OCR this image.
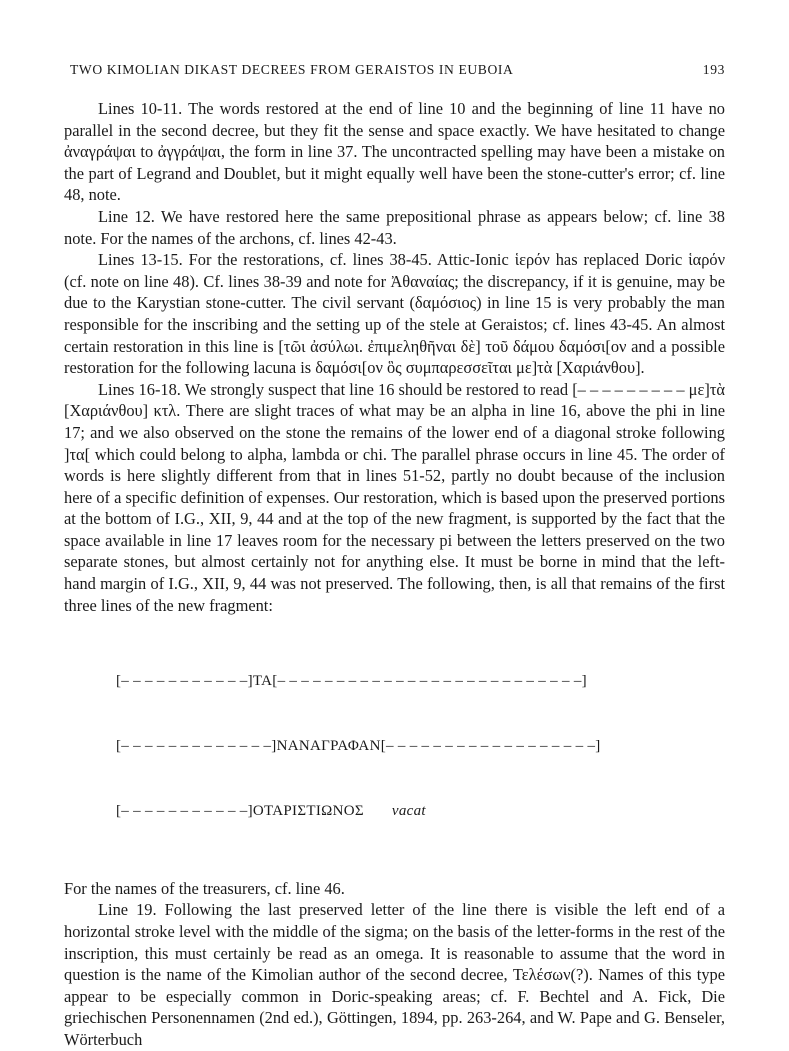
TWO KIMOLIAN DIKAST DECREES FROM GERAISTOS IN EUBOIA	193

Lines 10-11. The words restored at the end of line 10 and the beginning of line 11 have no parallel in the second decree, but they fit the sense and space exactly. We have hesitated to change ἀναγράψαι to ἀγγράψαι, the form in line 37. The uncontracted spelling may have been a mistake on the part of Legrand and Doublet, but it might equally well have been the stone-cutter's error; cf. line 48, note.

Line 12. We have restored here the same prepositional phrase as appears below; cf. line 38 note. For the names of the archons, cf. lines 42-43.

Lines 13-15. For the restorations, cf. lines 38-45. Attic-Ionic ἱερόν has replaced Doric ἱαρόν (cf. note on line 48). Cf. lines 38-39 and note for Ἀθαναίας; the discrepancy, if it is genuine, may be due to the Karystian stone-cutter. The civil servant (δαμόσιος) in line 15 is very probably the man responsible for the inscribing and the setting up of the stele at Geraistos; cf. lines 43-45. An almost certain restoration in this line is [τῶι ἀσύλωι. ἐπιμεληθῆναι δὲ] τοῦ δάμου δαμόσι[ον and a possible restoration for the following lacuna is δαμόσι[ον ὃς συμπαρεσσεῖται με]τὰ [Χαριάνθου].

Lines 16-18. We strongly suspect that line 16 should be restored to read [– – – – – – – – – με]τὰ [Χαριάνθου] κτλ. There are slight traces of what may be an alpha in line 16, above the phi in line 17; and we also observed on the stone the remains of the lower end of a diagonal stroke following ]τα[ which could belong to alpha, lambda or chi. The parallel phrase occurs in line 45. The order of words is here slightly different from that in lines 51-52, partly no doubt because of the inclusion here of a specific definition of expenses. Our restoration, which is based upon the preserved portions at the bottom of I.G., XII, 9, 44 and at the top of the new fragment, is supported by the fact that the space available in line 17 leaves room for the necessary pi between the letters preserved on the two separate stones, but almost certainly not for anything else. It must be borne in mind that the left-hand margin of I.G., XII, 9, 44 was not preserved. The following, then, is all that remains of the first three lines of the new fragment:

[– – – – – – – – – – –]ΤΑ[– – – – – – – – – – – – – – – – – – – – – – – – – –]

[– – – – – – – – – – – – –]ΝΑΝΑΓΡΑΦΑΝ[– – – – – – – – – – – – – – – – – –]

[– – – – – – – – – – –]ΟΤΑΡΙΣΤΙΩΝΟΣ vacat

For the names of the treasurers, cf. line 46.

Line 19. Following the last preserved letter of the line there is visible the left end of a horizontal stroke level with the middle of the sigma; on the basis of the letter-forms in the rest of the inscription, this must certainly be read as an omega. It is reasonable to assume that the word in question is the name of the Kimolian author of the second decree, Τελέσων(?). Names of this type appear to be especially common in Doric-speaking areas; cf. F. Bechtel and A. Fick, Die griechischen Personennamen (2nd ed.), Göttingen, 1894, pp. 263-264, and W. Pape and G. Benseler, Wörterbuch
